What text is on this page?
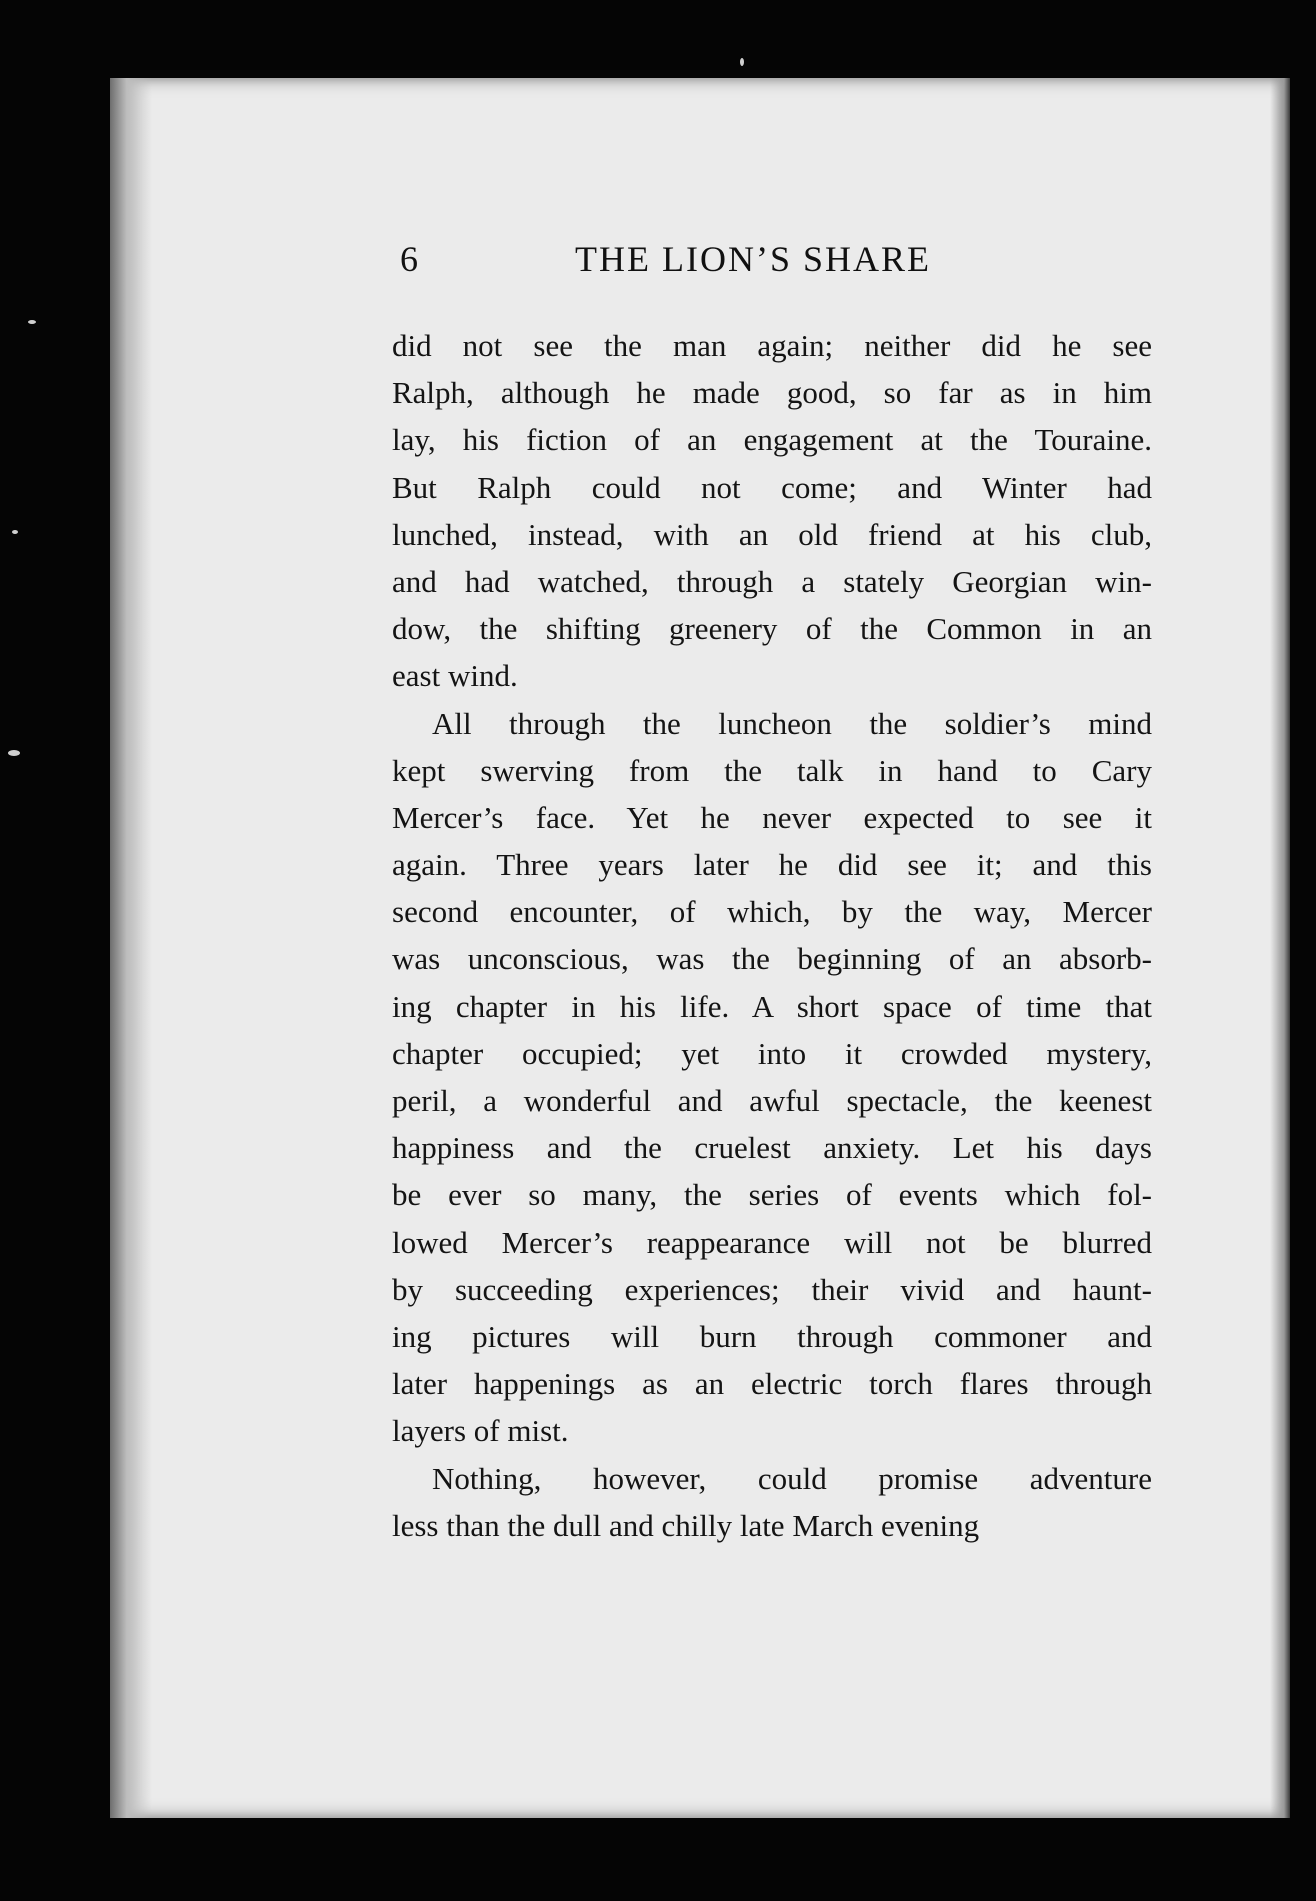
6	THE LION’S SHARE
did not see the man again; neither did he see
Ralph, although he made good, so far as in him
lay, his fiction of an engagement at the Touraine.
But Ralph could not come; and Winter had
lunched, instead, with an old friend at his club,
and had watched, through a stately Georgian win-
dow, the shifting greenery of the Common in an
east wind.
All through the luncheon the soldier’s mind
kept swerving from the talk in hand to Cary
Mercer’s face. Yet he never expected to see it
again. Three years later he did see it; and this
second encounter, of which, by the way, Mercer
was unconscious, was the beginning of an absorb-
ing chapter in his life. A short space of time that
chapter occupied; yet into it crowded mystery,
peril, a wonderful and awful spectacle, the keenest
happiness and the cruelest anxiety. Let his days
be ever so many, the series of events which fol-
lowed Mercer’s reappearance will not be blurred
by succeeding experiences; their vivid and haunt-
ing pictures will burn through commoner and
later happenings as an electric torch flares through
layers of mist.
Nothing, however, could promise adventure
less than the dull and chilly late March evening
